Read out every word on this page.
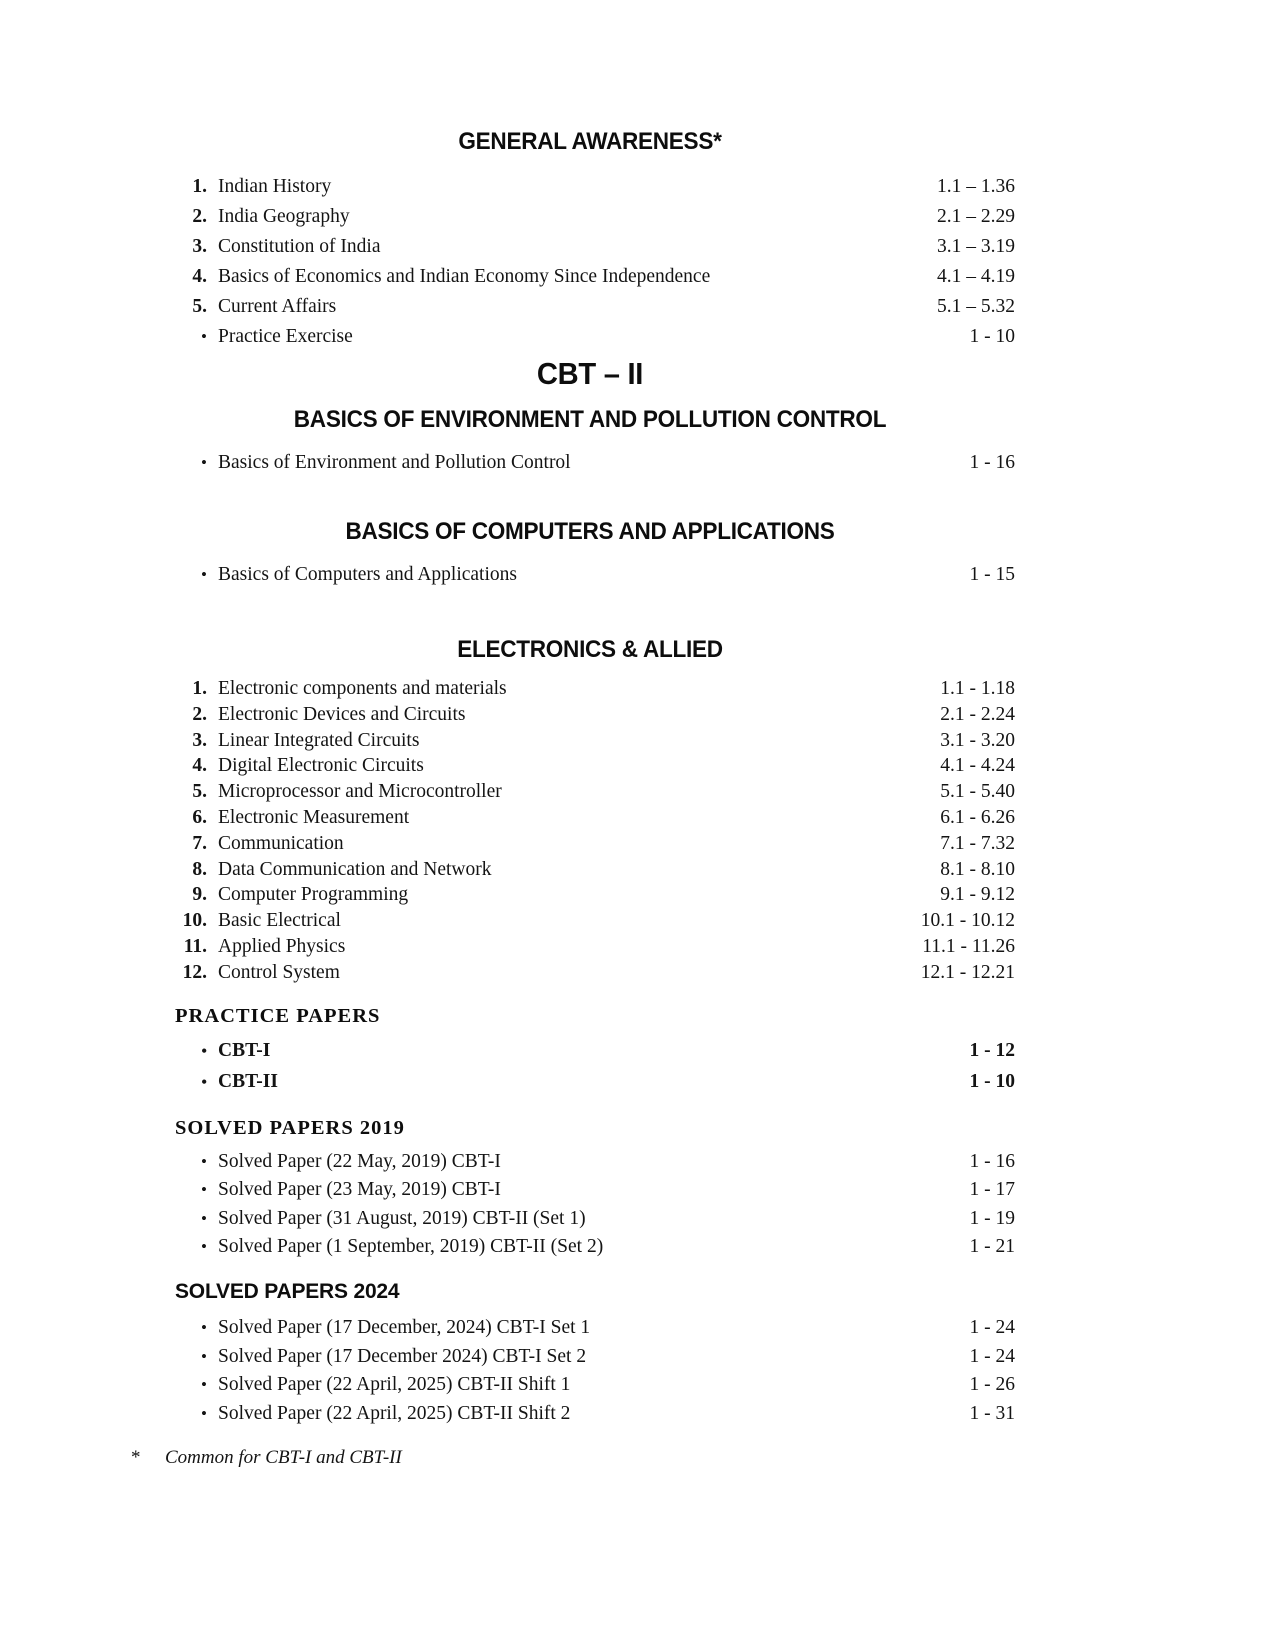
GENERAL AWARENESS*
1. Indian History	1.1 – 1.36
2. India Geography	2.1 – 2.29
3. Constitution of India	3.1 – 3.19
4. Basics of Economics and Indian Economy Since Independence	4.1 – 4.19
5. Current Affairs	5.1 – 5.32
• Practice Exercise	1 - 10
CBT – II
BASICS OF ENVIRONMENT AND POLLUTION CONTROL
• Basics of Environment and Pollution Control	1 - 16
BASICS OF COMPUTERS AND APPLICATIONS
• Basics of Computers and Applications	1 - 15
ELECTRONICS & ALLIED
1. Electronic components and materials	1.1 - 1.18
2. Electronic Devices and Circuits	2.1 - 2.24
3. Linear Integrated Circuits	3.1 - 3.20
4. Digital Electronic Circuits	4.1 - 4.24
5. Microprocessor and Microcontroller	5.1 - 5.40
6. Electronic Measurement	6.1 - 6.26
7. Communication	7.1 - 7.32
8. Data Communication and Network	8.1 - 8.10
9. Computer Programming	9.1 - 9.12
10. Basic Electrical	10.1 - 10.12
11. Applied Physics	11.1 - 11.26
12. Control System	12.1 - 12.21
PRACTICE PAPERS
• CBT-I	1 - 12
• CBT-II	1 - 10
SOLVED PAPERS 2019
• Solved Paper (22 May, 2019) CBT-I	1 - 16
• Solved Paper (23 May, 2019) CBT-I	1 - 17
• Solved Paper (31 August, 2019) CBT-II (Set 1)	1 - 19
• Solved Paper (1 September, 2019) CBT-II (Set 2)	1 - 21
SOLVED PAPERS 2024
• Solved Paper (17 December, 2024) CBT-I Set 1	1 - 24
• Solved Paper (17 December 2024) CBT-I Set 2	1 - 24
• Solved Paper (22 April, 2025) CBT-II Shift 1	1 - 26
• Solved Paper (22 April, 2025) CBT-II Shift 2	1 - 31
*	Common for CBT-I and CBT-II
